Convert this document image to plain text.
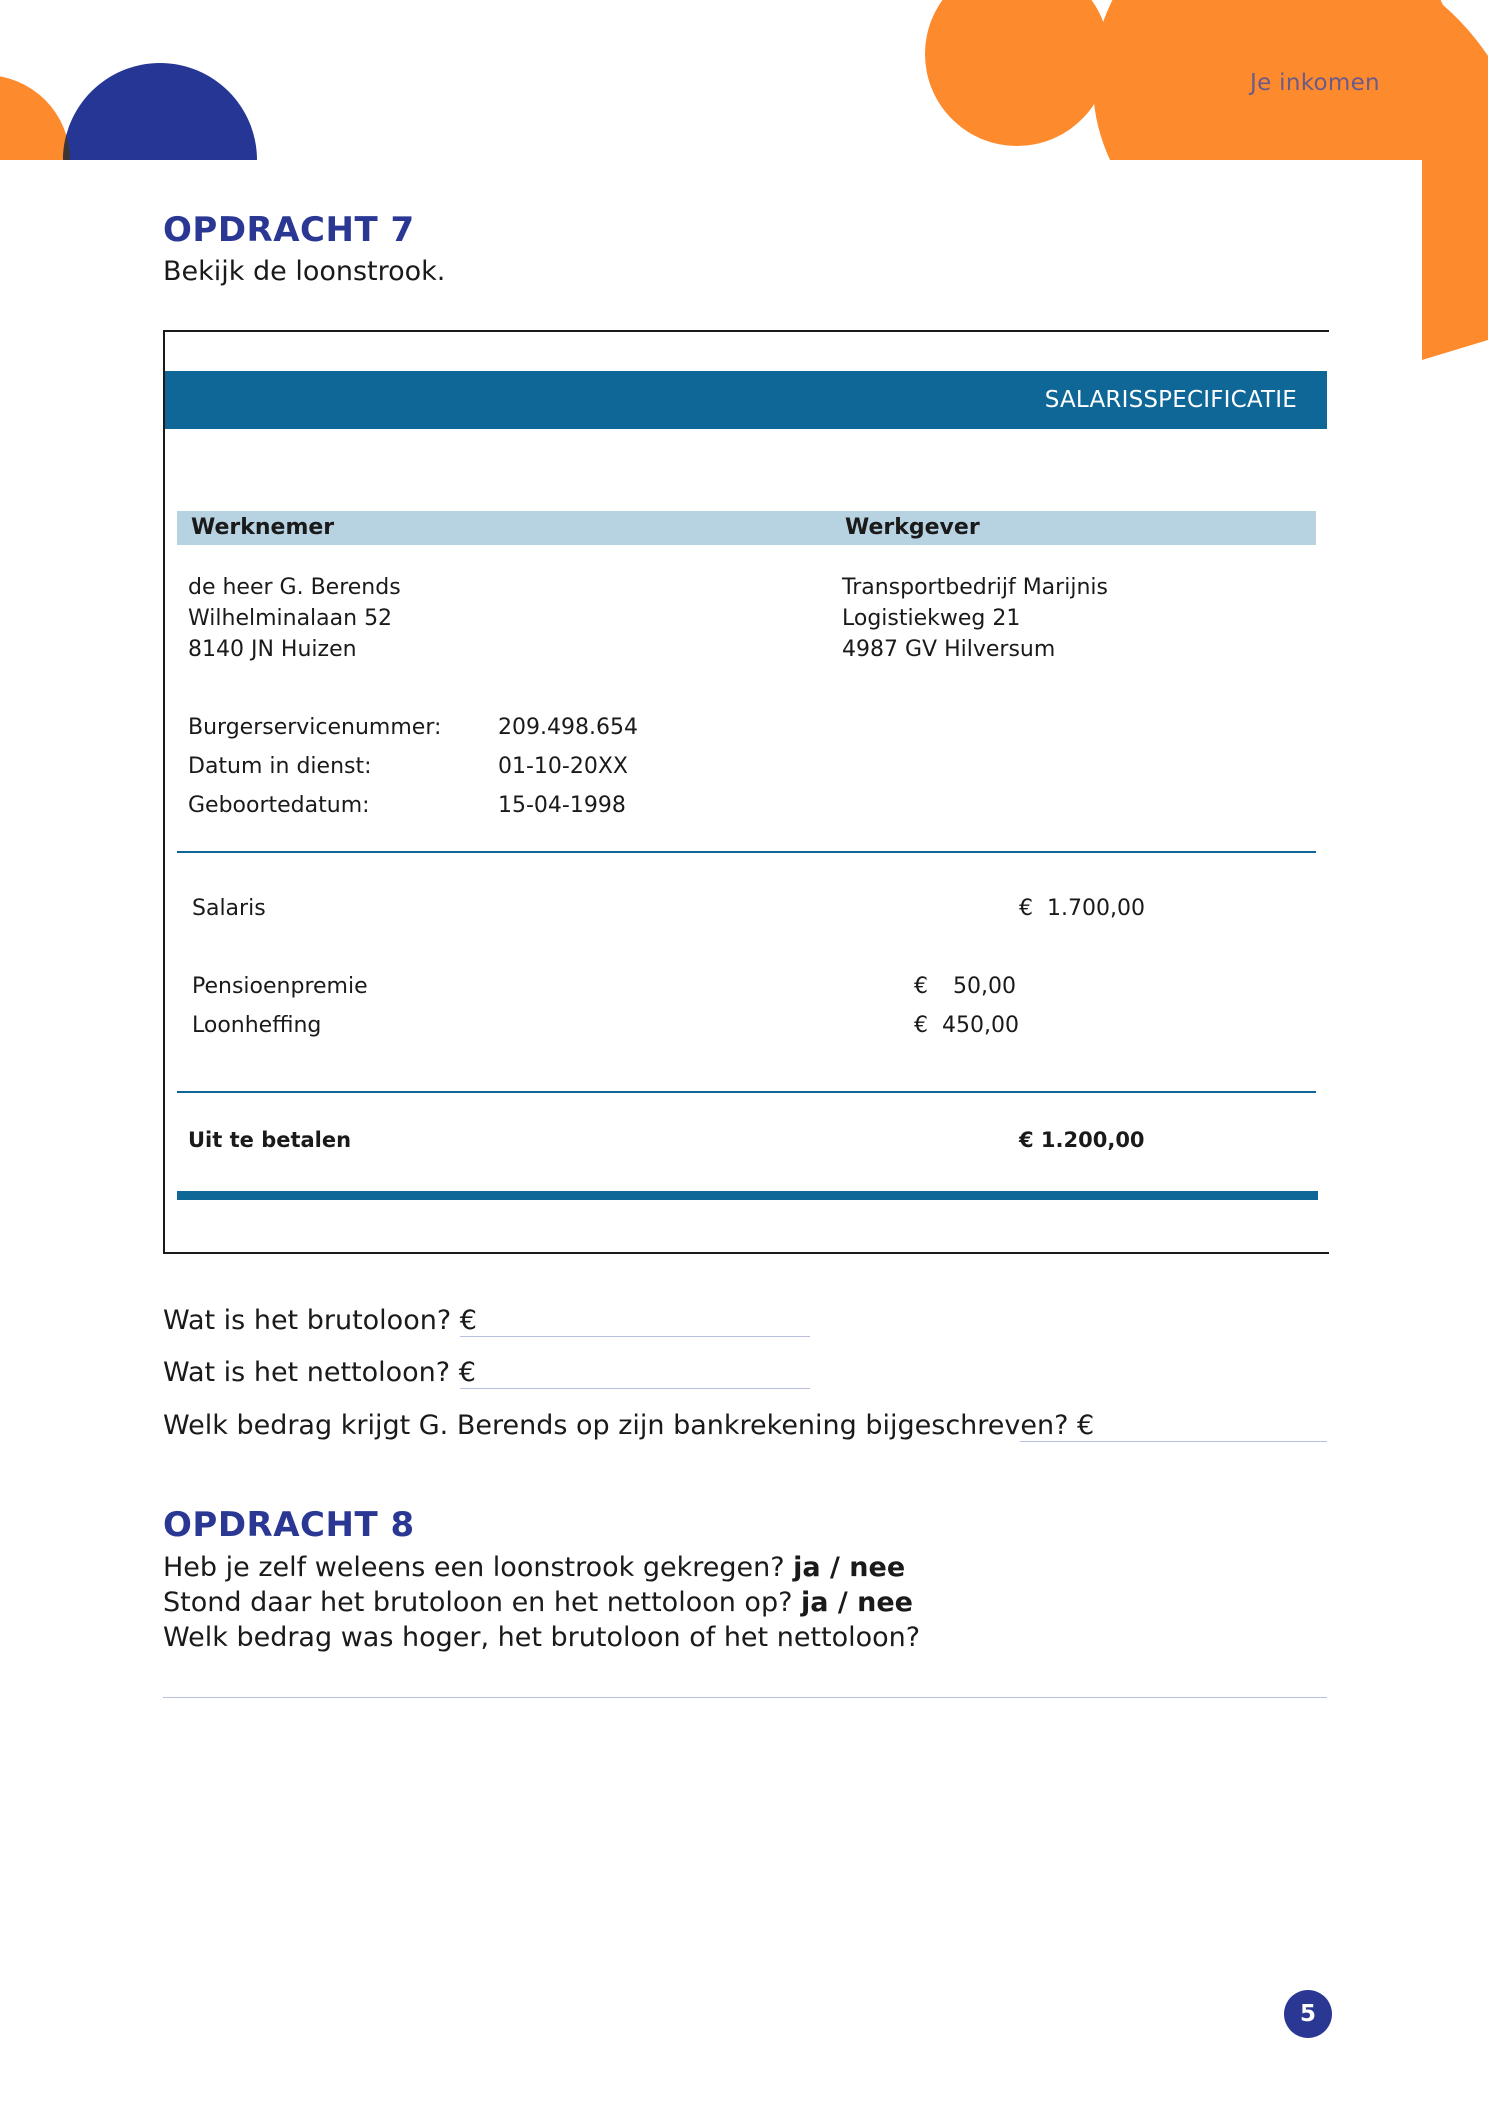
Je inkomen
OPDRACHT 7
Bekijk de loonstrook.
SALARISSPECIFICATIE
Werknemer	Werkgever
de heer G. Berends
Wilhelminalaan 52
8140 JN Huizen
Transportbedrijf Marijnis
Logistiekweg 21
4987 GV Hilversum
Burgerservicenummer:	209.498.654
Datum in dienst:	01-10-20XX
Geboortedatum:	15-04-1998
Salaris	€ 1.700,00
Pensioenpremie	€ 50,00
Loonheffing	€ 450,00
Uit te betalen	€ 1.200,00
Wat is het brutoloon? €
Wat is het nettoloon? €
Welk bedrag krijgt G. Berends op zijn bankrekening bijgeschreven? €
OPDRACHT 8
Heb je zelf weleens een loonstrook gekregen? ja / nee
Stond daar het brutoloon en het nettoloon op? ja / nee
Welk bedrag was hoger, het brutoloon of het nettoloon?
5
